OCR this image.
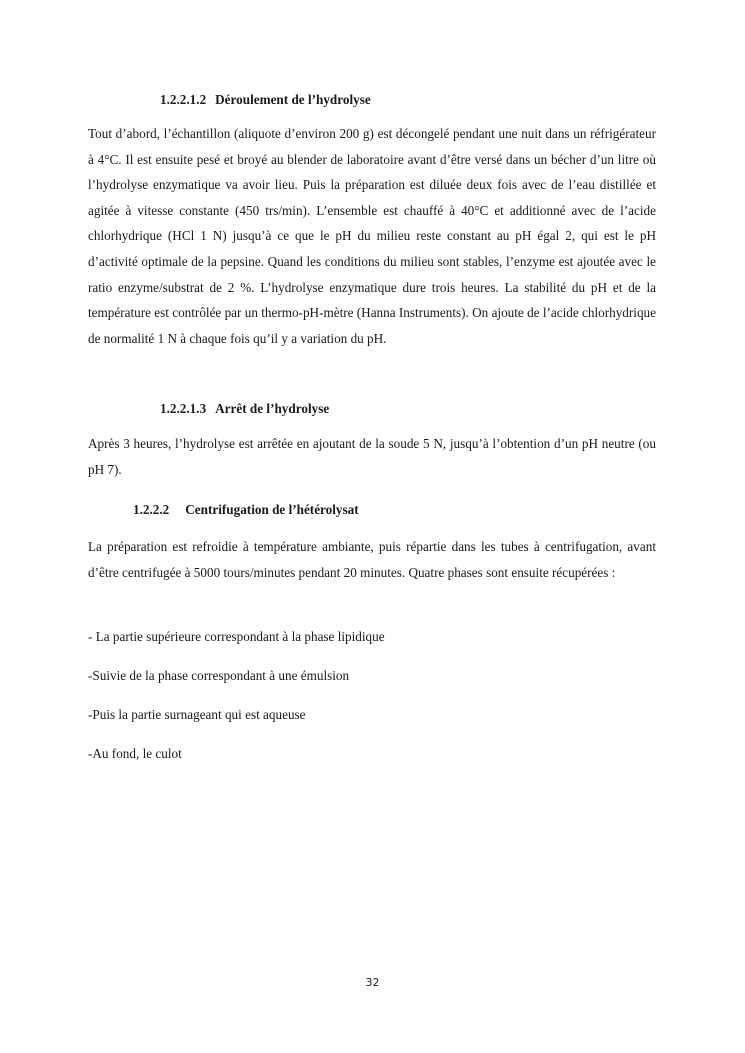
1.2.2.1.2 Déroulement de l’hydrolyse

Tout d’abord, l’échantillon (aliquote d’environ 200 g) est décongelé pendant une nuit dans un réfrigérateur à 4°C. Il est ensuite pesé et broyé au blender de laboratoire avant d’être versé dans un bécher d’un litre où l’hydrolyse enzymatique va avoir lieu. Puis la préparation est diluée deux fois avec de l’eau distillée et agitée à vitesse constante (450 trs/min). L’ensemble est chauffé à 40°C et additionné avec de l’acide chlorhydrique (HCl 1 N) jusqu’à ce que le pH du milieu reste constant au pH égal 2, qui est le pH d’activité optimale de la pepsine. Quand les conditions du milieu sont stables, l’enzyme est ajoutée avec le ratio enzyme/substrat de 2 %. L’hydrolyse enzymatique dure trois heures. La stabilité du pH et de la température est contrôlée par un thermo-pH-mètre (Hanna Instruments). On ajoute de l’acide chlorhydrique de normalité 1 N à chaque fois qu’il y a variation du pH.

1.2.2.1.3 Arrêt de l’hydrolyse

Après 3 heures, l’hydrolyse est arrêtée en ajoutant de la soude 5 N, jusqu’à l’obtention d’un pH neutre (ou pH 7).

1.2.2.2 Centrifugation de l’hétérolysat

La préparation est refroidie à température ambiante, puis répartie dans les tubes à centrifugation, avant d’être centrifugée à 5000 tours/minutes pendant 20 minutes. Quatre phases sont ensuite récupérées :

- La partie supérieure correspondant à la phase lipidique

-Suivie de la phase correspondant à une émulsion

-Puis la partie surnageant qui est aqueuse

-Au fond, le culot

32
